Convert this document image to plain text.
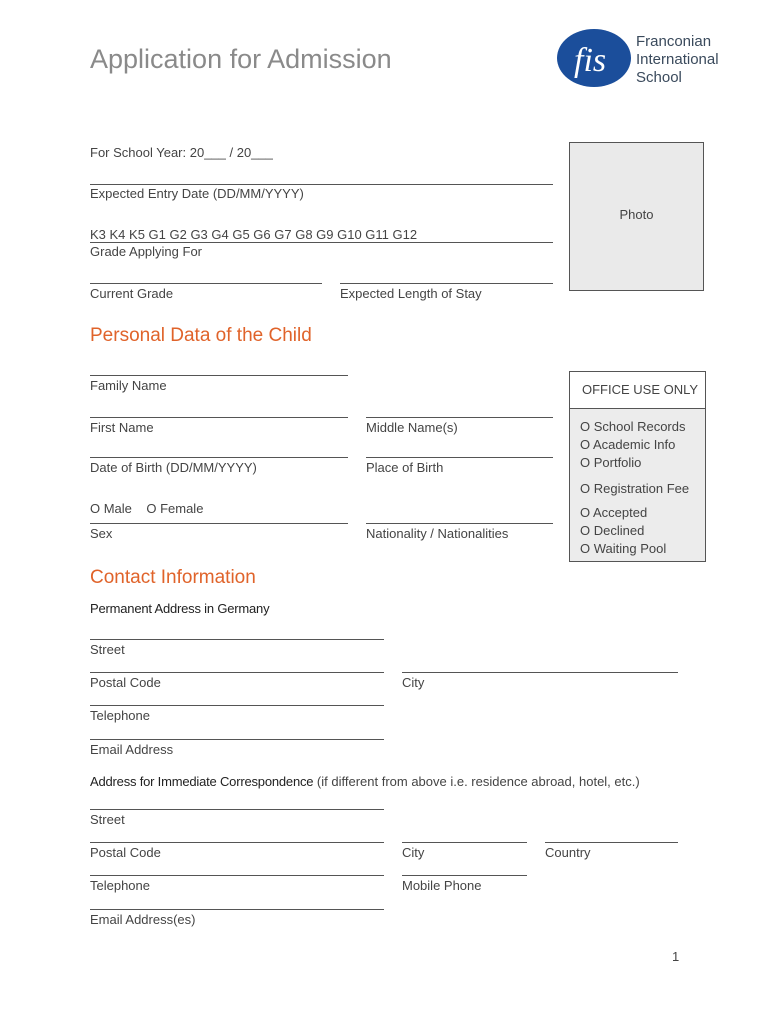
Application for Admission	fis
Franconian
International
School
For School Year: 20___ / 20___
Expected Entry Date (DD/MM/YYYY)
K3 K4 K5 G1 G2 G3 G4 G5 G6 G7 G8 G9 G10 G11 G12
Grade Applying For
Current Grade	Expected Length of Stay
Photo
Personal Data of the Child
Family Name
First Name	Middle Name(s)
Date of Birth (DD/MM/YYYY)	Place of Birth
O Male    O Female
Sex	Nationality / Nationalities
OFFICE USE ONLY
O School Records
O Academic Info
O Portfolio
O Registration Fee
O Accepted
O Declined
O Waiting Pool
Contact Information
Permanent Address in Germany
Street
Postal Code	City
Telephone
Email Address
Address for Immediate Correspondence (if different from above i.e. residence abroad, hotel, etc.)
Street
Postal Code	City	Country
Telephone	Mobile Phone
Email Address(es)
1
